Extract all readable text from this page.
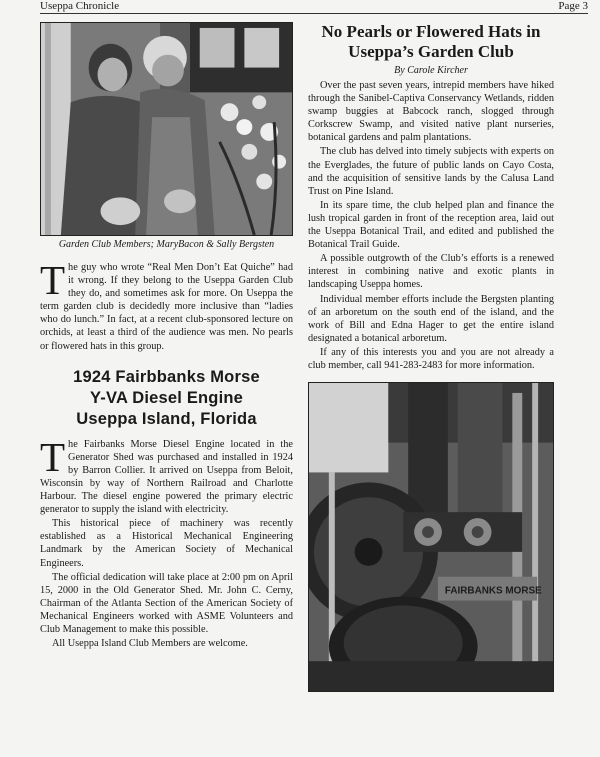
Useppa Chronicle	Page 3
Garden Club Members; MaryBacon & Sally Bergsten

The guy who wrote “Real Men Don’t Eat Quiche” had it wrong. If they belong to the Useppa Garden Club they do, and sometimes ask for more. On Useppa the term garden club is decidedly more inclusive than “ladies who do lunch.” In fact, at a recent club-sponsored lecture on orchids, at least a third of the audience was men. No pearls or flowered hats in this group.

1924 Fairbbanks Morse
Y-VA Diesel Engine
Useppa Island, Florida

The Fairbanks Morse Diesel Engine located in the Generator Shed was purchased and installed in 1924 by Barron Collier. It arrived on Useppa from Beloit, Wisconsin by way of Northern Railroad and Charlotte Harbour. The diesel engine powered the primary electric generator to supply the island with electricity.

This historical piece of machinery was recently established as a Historical Mechanical Engineering Landmark by the American Society of Mechanical Engineers.

The official dedication will take place at 2:00 pm on April 15, 2000 in the Old Generator Shed. Mr. John C. Cerny, Chairman of the Atlanta Section of the American Society of Mechanical Engineers worked with ASME Volunteers and Club Management to make this possible.

All Useppa Island Club Members are welcome.

No Pearls or Flowered Hats in
Useppa’s Garden Club
By Carole Kircher

Over the past seven years, intrepid members have hiked through the Sanibel-Captiva Conservancy Wetlands, ridden swamp buggies at Babcock ranch, slogged through Corkscrew Swamp, and visited native plant nurseries, botanical gardens and palm plantations.

The club has delved into timely subjects with experts on the Everglades, the future of public lands on Cayo Costa, and the acquisition of sensitive lands by the Calusa Land Trust on Pine Island.

In its spare time, the club helped plan and finance the lush tropical garden in front of the reception area, laid out the Useppa Botanical Trail, and edited and published the Botanical Trail Guide.

A possible outgrowth of the Club’s efforts is a renewed interest in combining native and exotic plants in landscaping Useppa homes.

Individual member efforts include the Bergsten planting of an arboretum on the south end of the island, and the work of Bill and Edna Hager to get the entire island designated a botanical arboretum.

If any of this interests you and you are not already a club member, call 941-283-2483 for more information.

FAIRBANKS MORSE
